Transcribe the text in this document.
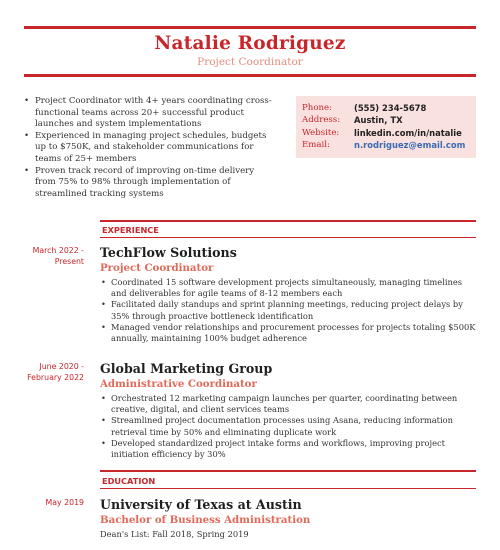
Natalie Rodriguez
Project Coordinator
• Project Coordinator with 4+ years coordinating cross-functional teams across 20+ successful product launches and system implementations
• Experienced in managing project schedules, budgets up to $750K, and stakeholder communications for teams of 25+ members
• Proven track record of improving on-time delivery from 75% to 98% through implementation of streamlined tracking systems
Phone:	(555) 234-5678
Address:	Austin, TX
Website:	linkedin.com/in/natalie
Email:	n.rodriguez@email.com
EXPERIENCE
March 2022 -
Present
TechFlow Solutions
Project Coordinator
• Coordinated 15 software development projects simultaneously, managing timelines and deliverables for agile teams of 8-12 members each
• Facilitated daily standups and sprint planning meetings, reducing project delays by 35% through proactive bottleneck identification
• Managed vendor relationships and procurement processes for projects totaling $500K annually, maintaining 100% budget adherence
June 2020 -
February 2022
Global Marketing Group
Administrative Coordinator
• Orchestrated 12 marketing campaign launches per quarter, coordinating between creative, digital, and client services teams
• Streamlined project documentation processes using Asana, reducing information retrieval time by 50% and eliminating duplicate work
• Developed standardized project intake forms and workflows, improving project initiation efficiency by 30%
EDUCATION
May 2019 University of Texas at Austin
Bachelor of Business Administration
Dean's List: Fall 2018, Spring 2019
